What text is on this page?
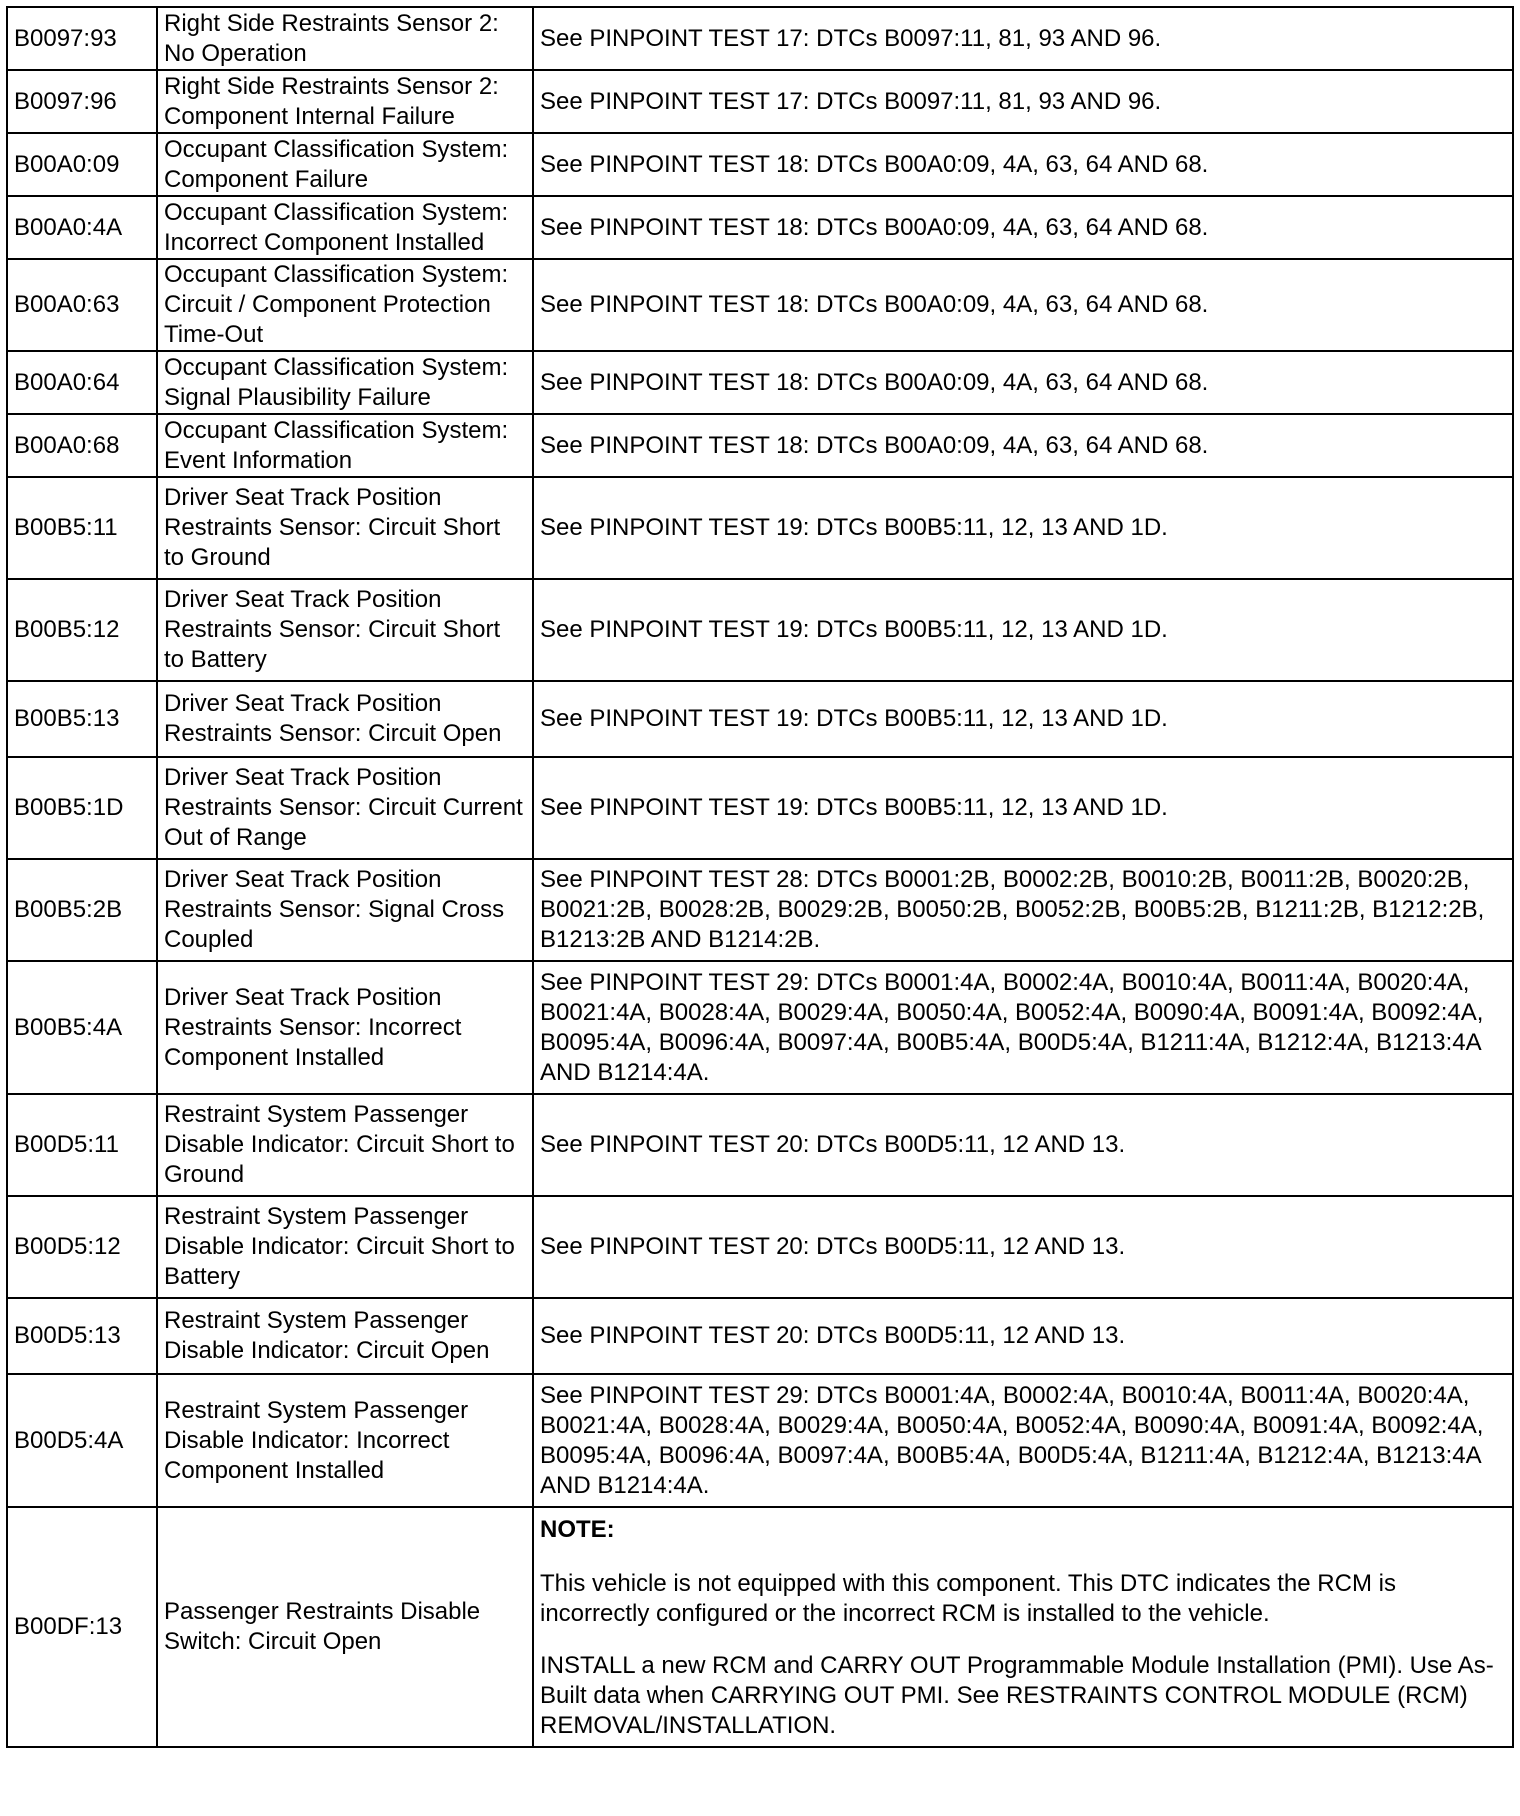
B0097:93	Right Side Restraints Sensor 2: No Operation	See PINPOINT TEST 17: DTCs B0097:11, 81, 93 AND 96.
B0097:96	Right Side Restraints Sensor 2: Component Internal Failure	See PINPOINT TEST 17: DTCs B0097:11, 81, 93 AND 96.
B00A0:09	Occupant Classification System: Component Failure	See PINPOINT TEST 18: DTCs B00A0:09, 4A, 63, 64 AND 68.
B00A0:4A	Occupant Classification System: Incorrect Component Installed	See PINPOINT TEST 18: DTCs B00A0:09, 4A, 63, 64 AND 68.
B00A0:63	Occupant Classification System: Circuit / Component Protection Time-Out	See PINPOINT TEST 18: DTCs B00A0:09, 4A, 63, 64 AND 68.
B00A0:64	Occupant Classification System: Signal Plausibility Failure	See PINPOINT TEST 18: DTCs B00A0:09, 4A, 63, 64 AND 68.
B00A0:68	Occupant Classification System: Event Information	See PINPOINT TEST 18: DTCs B00A0:09, 4A, 63, 64 AND 68.
B00B5:11	Driver Seat Track Position Restraints Sensor: Circuit Short to Ground	See PINPOINT TEST 19: DTCs B00B5:11, 12, 13 AND 1D.
B00B5:12	Driver Seat Track Position Restraints Sensor: Circuit Short to Battery	See PINPOINT TEST 19: DTCs B00B5:11, 12, 13 AND 1D.
B00B5:13	Driver Seat Track Position Restraints Sensor: Circuit Open	See PINPOINT TEST 19: DTCs B00B5:11, 12, 13 AND 1D.
B00B5:1D	Driver Seat Track Position Restraints Sensor: Circuit Current Out of Range	See PINPOINT TEST 19: DTCs B00B5:11, 12, 13 AND 1D.
B00B5:2B	Driver Seat Track Position Restraints Sensor: Signal Cross Coupled	See PINPOINT TEST 28: DTCs B0001:2B, B0002:2B, B0010:2B, B0011:2B, B0020:2B, B0021:2B, B0028:2B, B0029:2B, B0050:2B, B0052:2B, B00B5:2B, B1211:2B, B1212:2B, B1213:2B AND B1214:2B.
B00B5:4A	Driver Seat Track Position Restraints Sensor: Incorrect Component Installed	See PINPOINT TEST 29: DTCs B0001:4A, B0002:4A, B0010:4A, B0011:4A, B0020:4A, B0021:4A, B0028:4A, B0029:4A, B0050:4A, B0052:4A, B0090:4A, B0091:4A, B0092:4A, B0095:4A, B0096:4A, B0097:4A, B00B5:4A, B00D5:4A, B1211:4A, B1212:4A, B1213:4A AND B1214:4A.
B00D5:11	Restraint System Passenger Disable Indicator: Circuit Short to Ground	See PINPOINT TEST 20: DTCs B00D5:11, 12 AND 13.
B00D5:12	Restraint System Passenger Disable Indicator: Circuit Short to Battery	See PINPOINT TEST 20: DTCs B00D5:11, 12 AND 13.
B00D5:13	Restraint System Passenger Disable Indicator: Circuit Open	See PINPOINT TEST 20: DTCs B00D5:11, 12 AND 13.
B00D5:4A	Restraint System Passenger Disable Indicator: Incorrect Component Installed	See PINPOINT TEST 29: DTCs B0001:4A, B0002:4A, B0010:4A, B0011:4A, B0020:4A, B0021:4A, B0028:4A, B0029:4A, B0050:4A, B0052:4A, B0090:4A, B0091:4A, B0092:4A, B0095:4A, B0096:4A, B0097:4A, B00B5:4A, B00D5:4A, B1211:4A, B1212:4A, B1213:4A AND B1214:4A.
B00DF:13	Passenger Restraints Disable Switch: Circuit Open	NOTE:
This vehicle is not equipped with this component. This DTC indicates the RCM is incorrectly configured or the incorrect RCM is installed to the vehicle.
INSTALL a new RCM and CARRY OUT Programmable Module Installation (PMI). Use As-Built data when CARRYING OUT PMI. See RESTRAINTS CONTROL MODULE (RCM) REMOVAL/INSTALLATION.
